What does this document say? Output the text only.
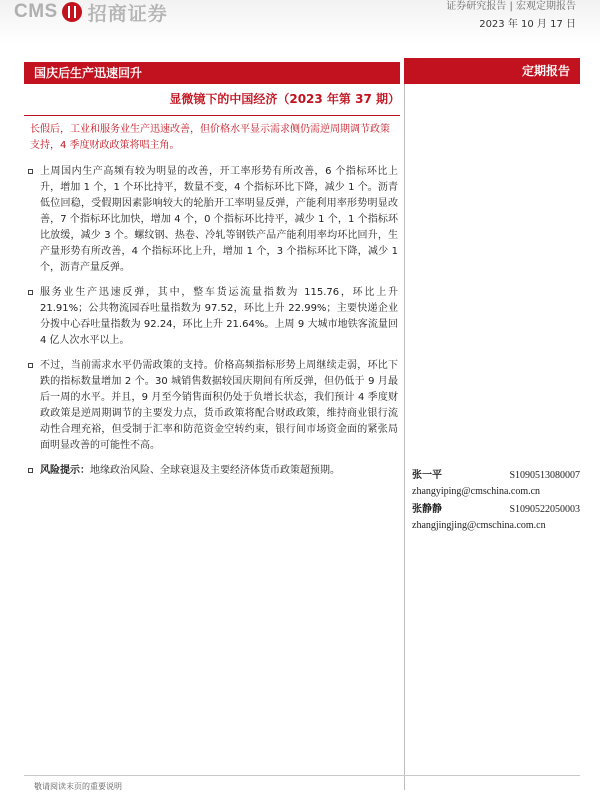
CMS 招商证券	证券研究报告 | 宏观定期报告
2023 年 10 月 17 日
国庆后生产迅速回升	定期报告
显微镜下的中国经济（2023 年第 37 期）
长假后，工业和服务业生产迅速改善，但价格水平显示需求侧仍需逆周期调节政策支持，4 季度财政政策将唱主角。
上周国内生产高频有较为明显的改善，开工率形势有所改善，6 个指标环比上升，增加 1 个，1 个环比持平，数量不变，4 个指标环比下降，减少 1 个。沥青低位回稳，受假期因素影响较大的轮胎开工率明显反弹，产能利用率形势明显改善，7 个指标环比加快，增加 4 个，0 个指标环比持平，减少 1 个，1 个指标环比放缓，减少 3 个。螺纹钢、热卷、冷轧等钢铁产品产能利用率均环比回升，生产量形势有所改善，4 个指标环比上升，增加 1 个，3 个指标环比下降，减少 1 个，沥青产量反弹。
服务业生产迅速反弹，其中，整车货运流量指数为 115.76，环比上升 21.91%；公共物流园吞吐量指数为 97.52，环比上升 22.99%；主要快递企业分拨中心吞吐量指数为 92.24，环比上升 21.64%。上周 9 大城市地铁客流量回 4 亿人次水平以上。
不过，当前需求水平仍需政策的支持。价格高频指标形势上周继续走弱，环比下跌的指标数量增加 2 个。30 城销售数据较国庆期间有所反弹，但仍低于 9 月最后一周的水平。并且，9 月至今销售面积仍处于负增长状态，我们预计 4 季度财政政策是逆周期调节的主要发力点，货币政策将配合财政政策，维持商业银行流动性合理充裕，但受制于汇率和防范资金空转约束，银行间市场资金面的紧张局面明显改善的可能性不高。
风险提示：地缘政治风险、全球衰退及主要经济体货币政策超预期。	张一平	S1090513080007
zhangyiping@cmschina.com.cn
张静静	S1090522050003
zhangjingjing@cmschina.com.cn
敬请阅读末页的重要说明
